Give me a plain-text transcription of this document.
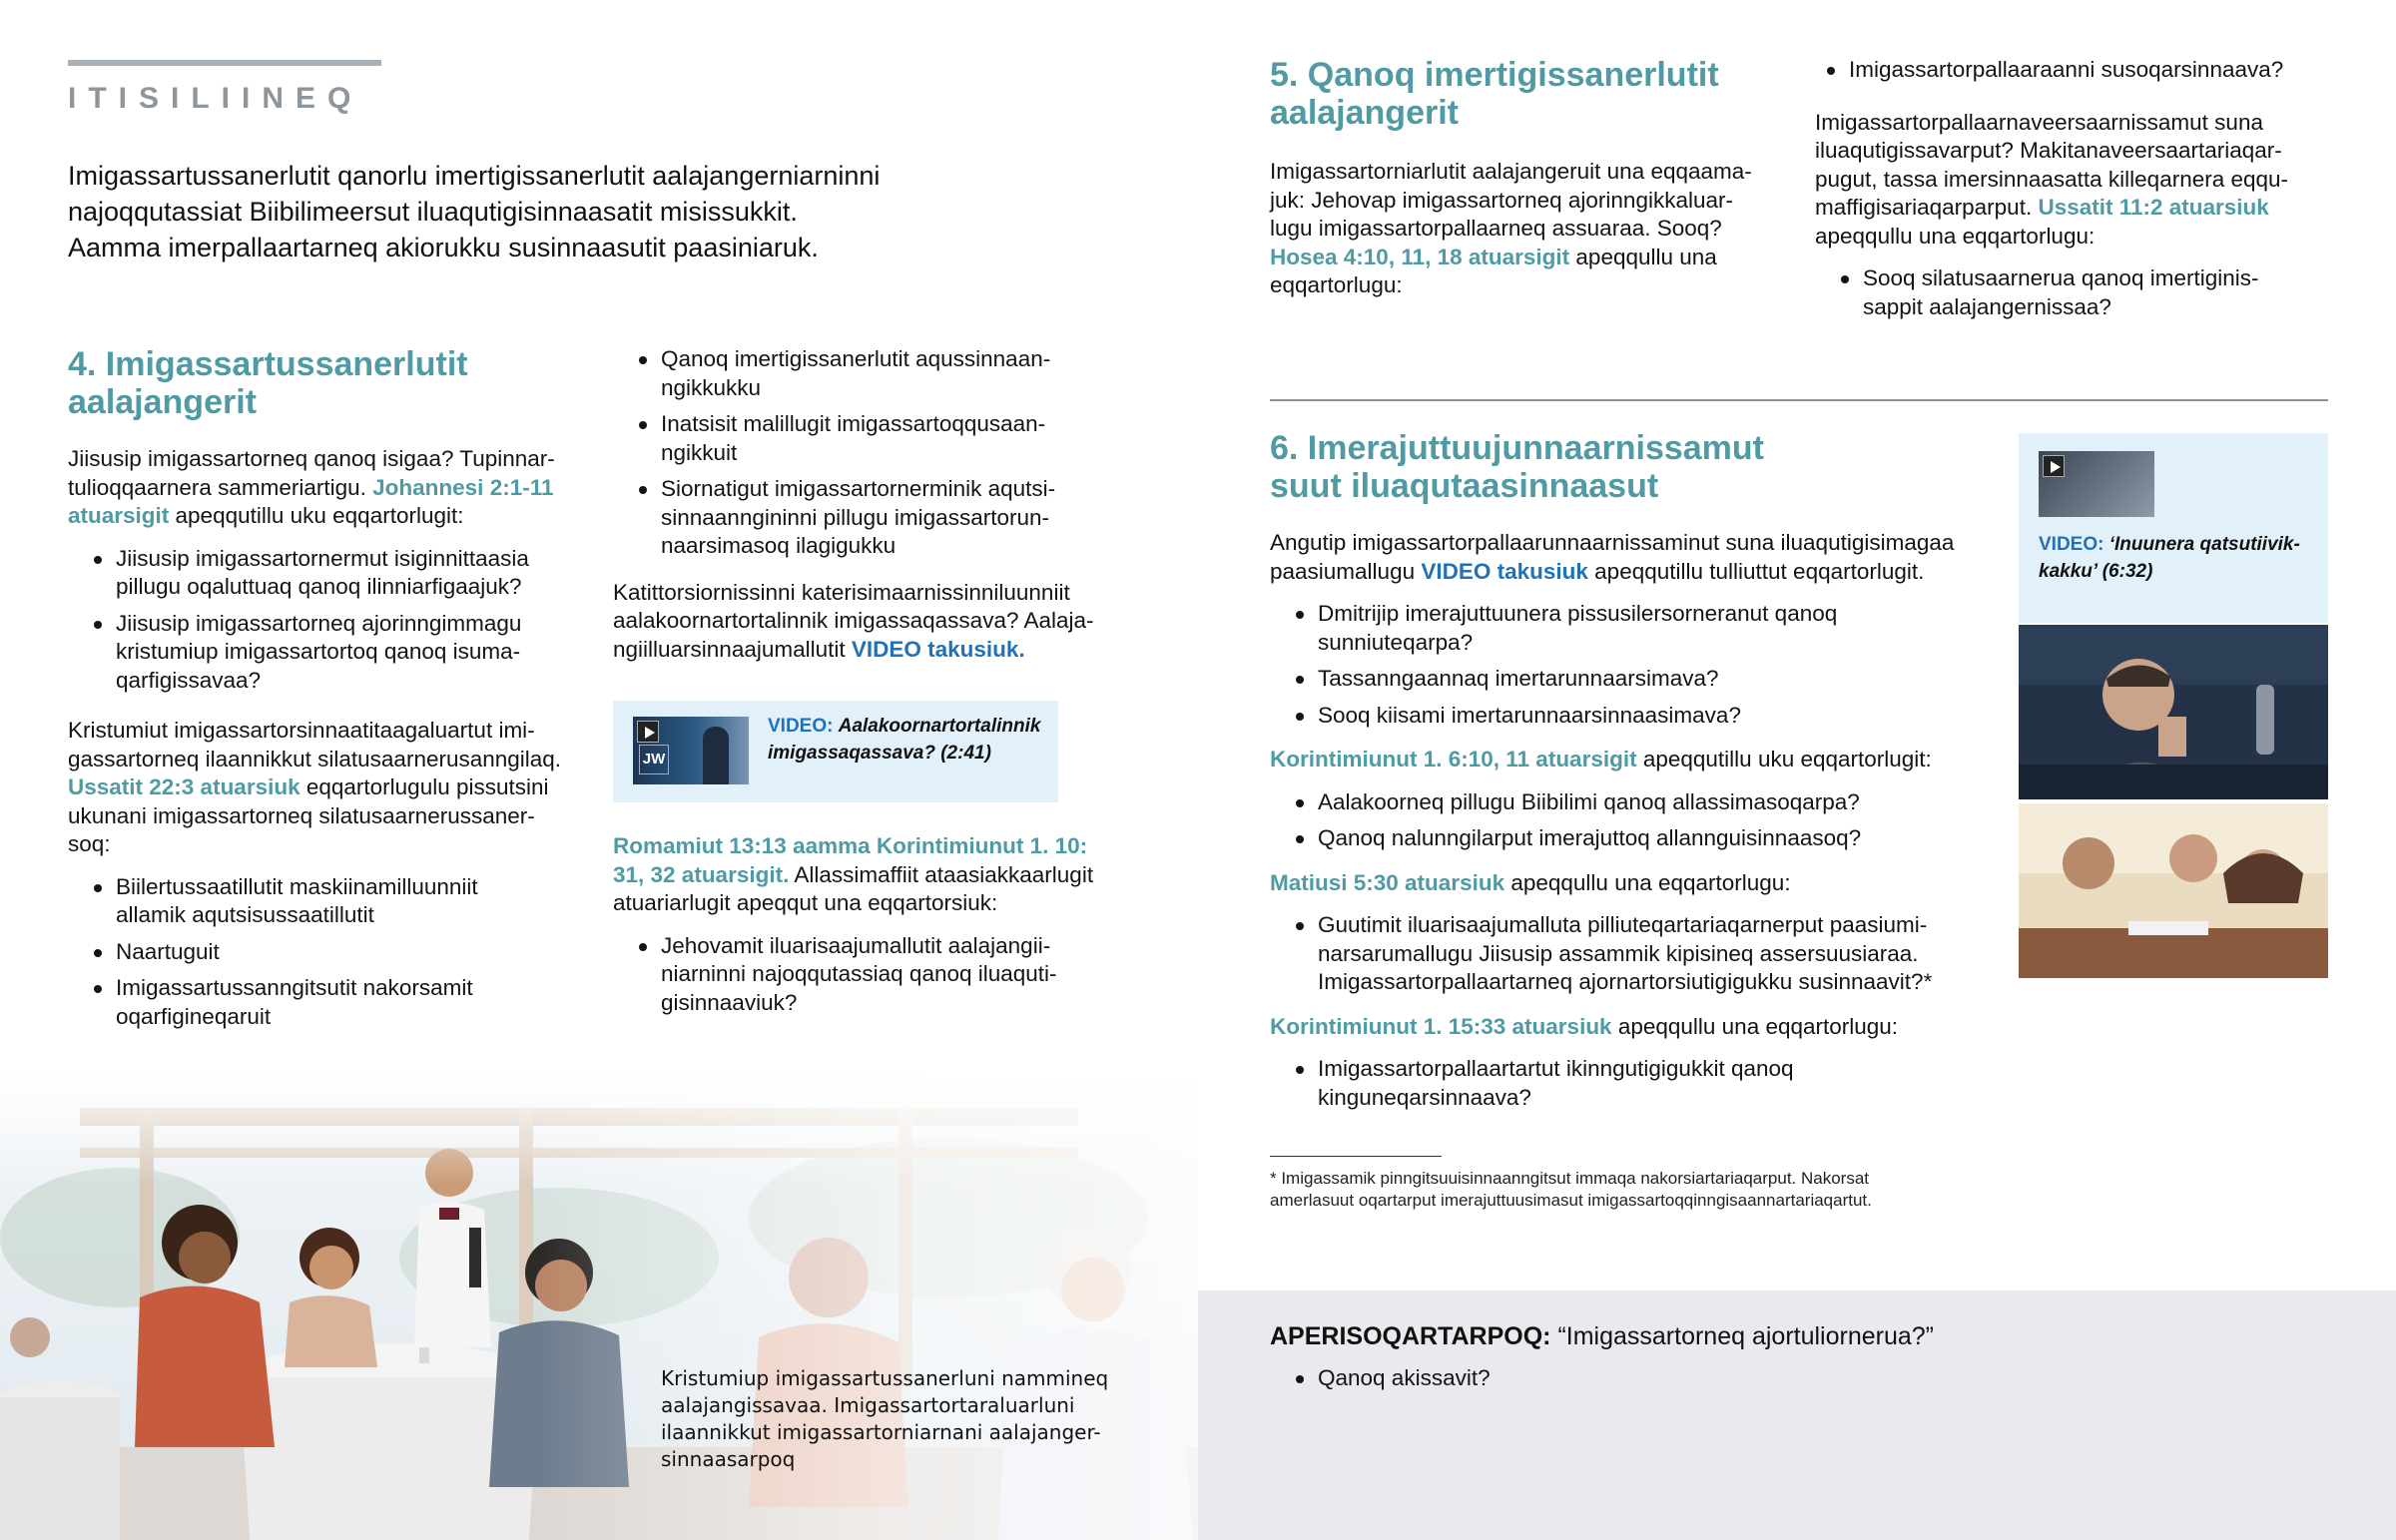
ITISILIINEQ
Imigassartussanerlutit qanorlu imertigissanerlutit aalajangerniarninni
najoqqutassiat Biibilimeersut iluaqutigisinnaasatit misissukkit.
Aamma imerpallaartarneq akiorukku susinnaasutit paasiniaruk.
4. Imigassartussanerlutit
aalajangerit
Jiisusip imigassartorneq qanoq isigaa? Tupinnar-
tulioqqaarnera sammeriartigu. Johannesi 2:1-11
atuarsigit apeqqutillu uku eqqartorlugit:
Jiisusip imigassartornermut isiginnittaasia
pillugu oqaluttuaq qanoq ilinniarfigaajuk?
Jiisusip imigassartorneq ajorinngimmagu
kristumiup imigassartortoq qanoq isuma-
qarfigissavaa?
Kristumiut imigassartorsinnaatitaagaluartut imi-
gassartorneq ilaannikkut silatusaarnerusanngilaq.
Ussatit 22:3 atuarsiuk eqqartorlugulu pissutsini
ukunani imigassartorneq silatusaarnerussaner-
soq:
Biilertussaatillutit maskiinamilluunniit
allamik aqutsisussaatillutit
Naartuguit
Imigassartussanngitsutit nakorsamit
oqarfigineqaruit
Qanoq imertigissanerlutit aqussinnaan-
ngikkukku
Inatsisit malillugit imigassartoqqusaan-
ngikkuit
Siornatigut imigassartornerminik aqutsi-
sinnaanngininni pillugu imigassartorun-
naarsimasoq ilagigukku
Katittorsiornissinni katerisimaarnissinniluunniit
aalakoornartortalinnik imigassaqassava? Aalaja-
ngiilluarsinnaajumallutit VIDEO takusiuk.
JW
VIDEO: Aalakoornartortalinnik
imigassaqassava? (2:41)
Romamiut 13:13 aamma Korintimiunut 1. 10:
31, 32 atuarsigit. Allassimaffiit ataasiakkaarlugit
atuariarlugit apeqqut una eqqartorsiuk:
Jehovamit iluarisaajumallutit aalajangii-
niarninni najoqqutassiaq qanoq iluaquti-
gisinnaaviuk?
Kristumiup imigassartussanerluni nammineq
aalajangissavaa. Imigassartortaraluarluni
ilaannikkut imigassartorniarnani aalajanger-
sinnaasarpoq
5. Qanoq imertigissanerlutit
aalajangerit
Imigassartorniarlutit aalajangeruit una eqqaama-
juk: Jehovap imigassartorneq ajorinngikkaluar-
lugu imigassartorpallaarneq assuaraa. Sooq?
Hosea 4:10, 11, 18 atuarsigit apeqqullu una
eqqartorlugu:
Imigassartorpallaaraanni susoqarsinnaava?
Imigassartorpallaarnaveersaarnissamut suna
iluaqutigissavarput? Makitanaveersaartariaqar-
pugut, tassa imersinnaasatta killeqarnera eqqu-
maffigisariaqarparput. Ussatit 11:2 atuarsiuk
apeqqullu una eqqartorlugu:
Sooq silatusaarnerua qanoq imertiginis-
sappit aalajangernissaa?
6. Imerajuttuujunnaarnissamut
suut iluaqutaasinnaasut
Angutip imigassartorpallaarunnaarnissaminut suna iluaqutigisimagaa
paasiumallugu VIDEO takusiuk apeqqutillu tulliuttut eqqartorlugit.
Dmitrijip imerajuttuunera pissusilersorneranut qanoq
sunniuteqarpa?
Tassanngaannaq imertarunnaarsimava?
Sooq kiisami imertarunnaarsinnaasimava?
Korintimiunut 1. 6:10, 11 atuarsigit apeqqutillu uku eqqartorlugit:
Aalakoorneq pillugu Biibilimi qanoq allassimasoqarpa?
Qanoq nalunngilarput imerajuttoq allannguisinnaasoq?
Matiusi 5:30 atuarsiuk apeqqullu una eqqartorlugu:
Guutimit iluarisaajumalluta pilliuteqartariaqarnerput paasiumi-
narsarumallugu Jiisusip assammik kipisineq assersuusiaraa.
Imigassartorpallaartarneq ajornartorsiutigigukku susinnaavit?*
Korintimiunut 1. 15:33 atuarsiuk apeqqullu una eqqartorlugu:
Imigassartorpallaartartut ikinngutigigukkit qanoq
kinguneqarsinnaava?
* Imigassamik pinngitsuuisinnaanngitsut immaqa nakorsiartariaqarput. Nakorsat
amerlasuut oqartarput imerajuttuusimasut imigassartoqqinngisaannartariaqartut.
VIDEO: ‘Inuunera qatsutiivik-
kakku’ (6:32)
APERISOQARTARPOQ: “Imigassartorneq ajortuliornerua?”
Qanoq akissavit?
